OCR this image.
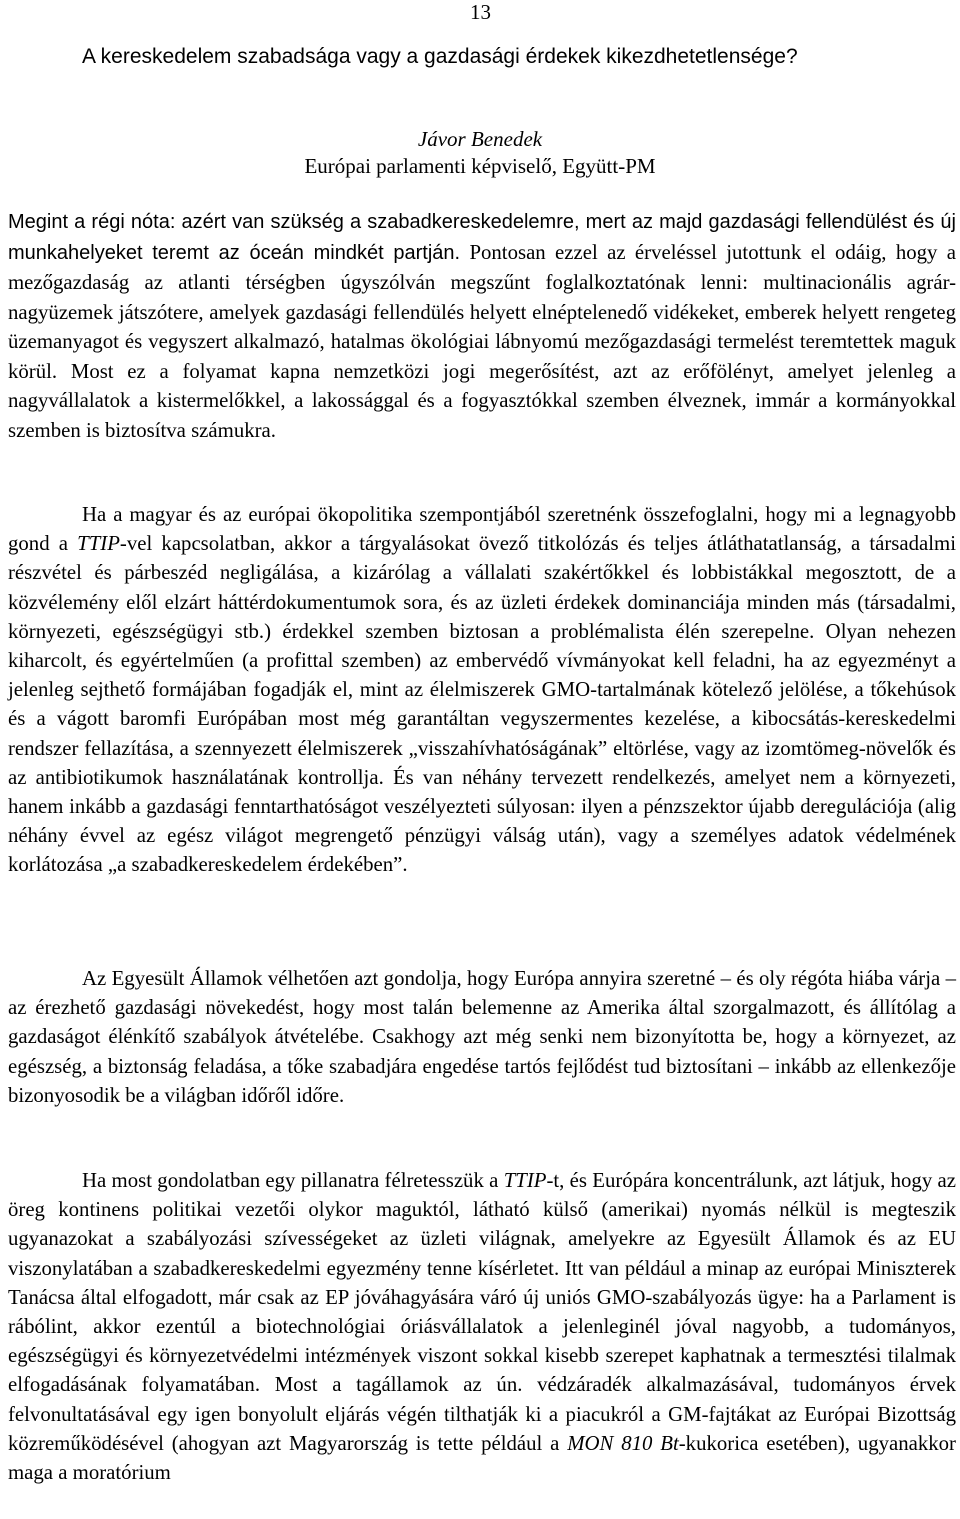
13
A kereskedelem szabadsága vagy a gazdasági érdekek kikezdhetetlensége?
Jávor Benedek
Európai parlamenti képviselő, Együtt-PM

Megint a régi nóta: azért van szükség a szabadkereskedelemre, mert az majd gazdasági fellendülést és új munkahelyeket teremt az óceán mindkét partján. Pontosan ezzel az érveléssel jutottunk el odáig, hogy a mezőgazdaság az atlanti térségben úgyszólván megszűnt foglalkoztatónak lenni: multinacionális agrár-nagyüzemek játszótere, amelyek gazdasági fellendülés helyett elnéptelenedő vidékeket, emberek helyett rengeteg üzemanyagot és vegyszert alkalmazó, hatalmas ökológiai lábnyomú mezőgazdasági termelést teremtettek maguk körül. Most ez a folyamat kapna nemzetközi jogi megerősítést, azt az erőfölényt, amelyet jelenleg a nagyvállalatok a kistermelőkkel, a lakossággal és a fogyasztókkal szemben élveznek, immár a kormányokkal szemben is biztosítva számukra.

Ha a magyar és az európai ökopolitika szempontjából szeretnénk összefoglalni, hogy mi a legnagyobb gond a TTIP-vel kapcsolatban, akkor a tárgyalásokat övező titkolózás és teljes átláthatatlanság, a társadalmi részvétel és párbeszéd negligálása, a kizárólag a vállalati szakértőkkel és lobbistákkal megosztott, de a közvélemény elől elzárt háttérdokumentumok sora, és az üzleti érdekek dominanciája minden más (társadalmi, környezeti, egészségügyi stb.) érdekkel szemben biztosan a problémalista élén szerepelne. Olyan nehezen kiharcolt, és egyértelműen (a profittal szemben) az embervédő vívmányokat kell feladni, ha az egyezményt a jelenleg sejthető formájában fogadják el, mint az élelmiszerek GMO-tartalmának kötelező jelölése, a tőkehúsok és a vágott baromfi Európában most még garantáltan vegyszermentes kezelése, a kibocsátás-kereskedelmi rendszer fellazítása, a szennyezett élelmiszerek „visszahívhatóságának” eltörlése, vagy az izomtömeg-növelők és az antibiotikumok használatának kontrollja. És van néhány tervezett rendelkezés, amelyet nem a környezeti, hanem inkább a gazdasági fenntarthatóságot veszélyezteti súlyosan: ilyen a pénzszektor újabb deregulációja (alig néhány évvel az egész világot megrengető pénzügyi válság után), vagy a személyes adatok védelmének korlátozása „a szabadkereskedelem érdekében”.

Az Egyesült Államok vélhetően azt gondolja, hogy Európa annyira szeretné – és oly régóta hiába várja – az érezhető gazdasági növekedést, hogy most talán belemenne az Amerika által szorgalmazott, és állítólag a gazdaságot élénkítő szabályok átvételébe. Csakhogy azt még senki nem bizonyította be, hogy a környezet, az egészség, a biztonság feladása, a tőke szabadjára engedése tartós fejlődést tud biztosítani – inkább az ellenkezője bizonyosodik be a világban időről időre.

Ha most gondolatban egy pillanatra félretesszük a TTIP-t, és Európára koncentrálunk, azt látjuk, hogy az öreg kontinens politikai vezetői olykor maguktól, látható külső (amerikai) nyomás nélkül is megteszik ugyanazokat a szabályozási szívességeket az üzleti világnak, amelyekre az Egyesült Államok és az EU viszonylatában a szabadkereskedelmi egyezmény tenne kísérletet. Itt van például a minap az európai Miniszterek Tanácsa által elfogadott, már csak az EP jóváhagyására váró új uniós GMO-szabályozás ügye: ha a Parlament is rábólint, akkor ezentúl a biotechnológiai óriásvállalatok a jelenleginél jóval nagyobb, a tudományos, egészségügyi és környezetvédelmi intézmények viszont sokkal kisebb szerepet kaphatnak a termesztési tilalmak elfogadásának folyamatában. Most a tagállamok az ún. védzáradék alkalmazásával, tudományos érvek felvonultatásával egy igen bonyolult eljárás végén tilthatják ki a piacukról a GM-fajtákat az Európai Bizottság közreműködésével (ahogyan azt Magyarország is tette például a MON 810 Bt-kukorica esetében), ugyanakkor maga a moratórium
